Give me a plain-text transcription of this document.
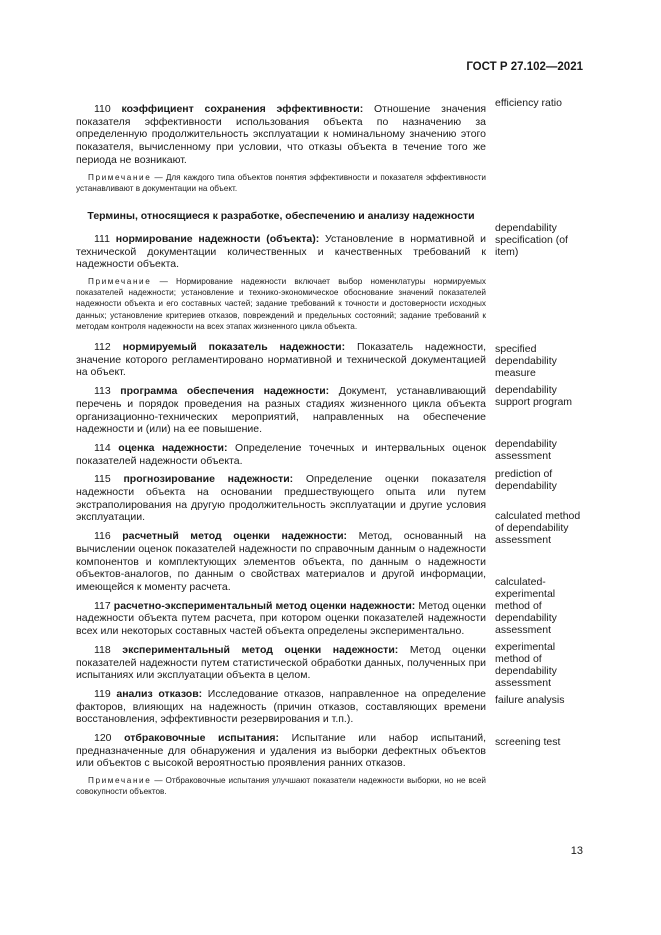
ГОСТ Р 27.102—2021

110 коэффициент сохранения эффективности: Отношение значения показателя эффективности использования объекта по назначению за определенную продолжительность эксплуатации к номинальному значению этого показателя, вычисленному при условии, что отказы объекта в течение того же периода не возникают.

Примечание — Для каждого типа объектов понятия эффективности и показателя эффективности устанавливают в документации на объект.

Термины, относящиеся к разработке, обеспечению и анализу надежности

111 нормирование надежности (объекта): Установление в нормативной и технической документации количественных и качественных требований к надежности объекта.

Примечание — Нормирование надежности включает выбор номенклатуры нормируемых показателей надежности; установление и технико-экономическое обоснование значений показателей надежности объекта и его составных частей; задание требований к точности и достоверности исходных данных; установление критериев отказов, повреждений и предельных состояний; задание требований к методам контроля надежности на всех этапах жизненного цикла объекта.

112 нормируемый показатель надежности: Показатель надежности, значение которого регламентировано нормативной и технической документацией на объект.

113 программа обеспечения надежности: Документ, устанавливающий перечень и порядок проведения на разных стадиях жизненного цикла объекта организационно-технических мероприятий, направленных на обеспечение надежности и (или) на ее повышение.

114 оценка надежности: Определение точечных и интервальных оценок показателей надежности объекта.

115 прогнозирование надежности: Определение оценки показателя надежности объекта на основании предшествующего опыта или путем экстраполирования на другую продолжительность эксплуатации и другие условия эксплуатации.

116 расчетный метод оценки надежности: Метод, основанный на вычислении оценок показателей надежности по справочным данным о надежности компонентов и комплектующих элементов объекта, по данным о надежности объектов-аналогов, по данным о свойствах материалов и другой информации, имеющейся к моменту расчета.

117 расчетно-экспериментальный метод оценки надежности: Метод оценки надежности объекта путем расчета, при котором оценки показателей надежности всех или некоторых составных частей объекта определены экспериментально.

118 экспериментальный метод оценки надежности: Метод оценки показателей надежности путем статистической обработки данных, полученных при испытаниях или эксплуатации объекта в целом.

119 анализ отказов: Исследование отказов, направленное на определение факторов, влияющих на надежность (причин отказов, составляющих времени восстановления, эффективности резервирования и т.п.).

120 отбраковочные испытания: Испытание или набор испытаний, предназначенные для обнаружения и удаления из выборки дефектных объектов или объектов с высокой вероятностью проявления ранних отказов.

Примечание — Отбраковочные испытания улучшают показатели надежности выборки, но не всей совокупности объектов.

efficiency ratio
dependability specification (of item)
specified dependability measure
dependability support program
dependability assessment
prediction of dependability
calculated method of dependability assessment
calculated-experimental method of dependability assessment
experimental method of dependability assessment
failure analysis
screening test
13
